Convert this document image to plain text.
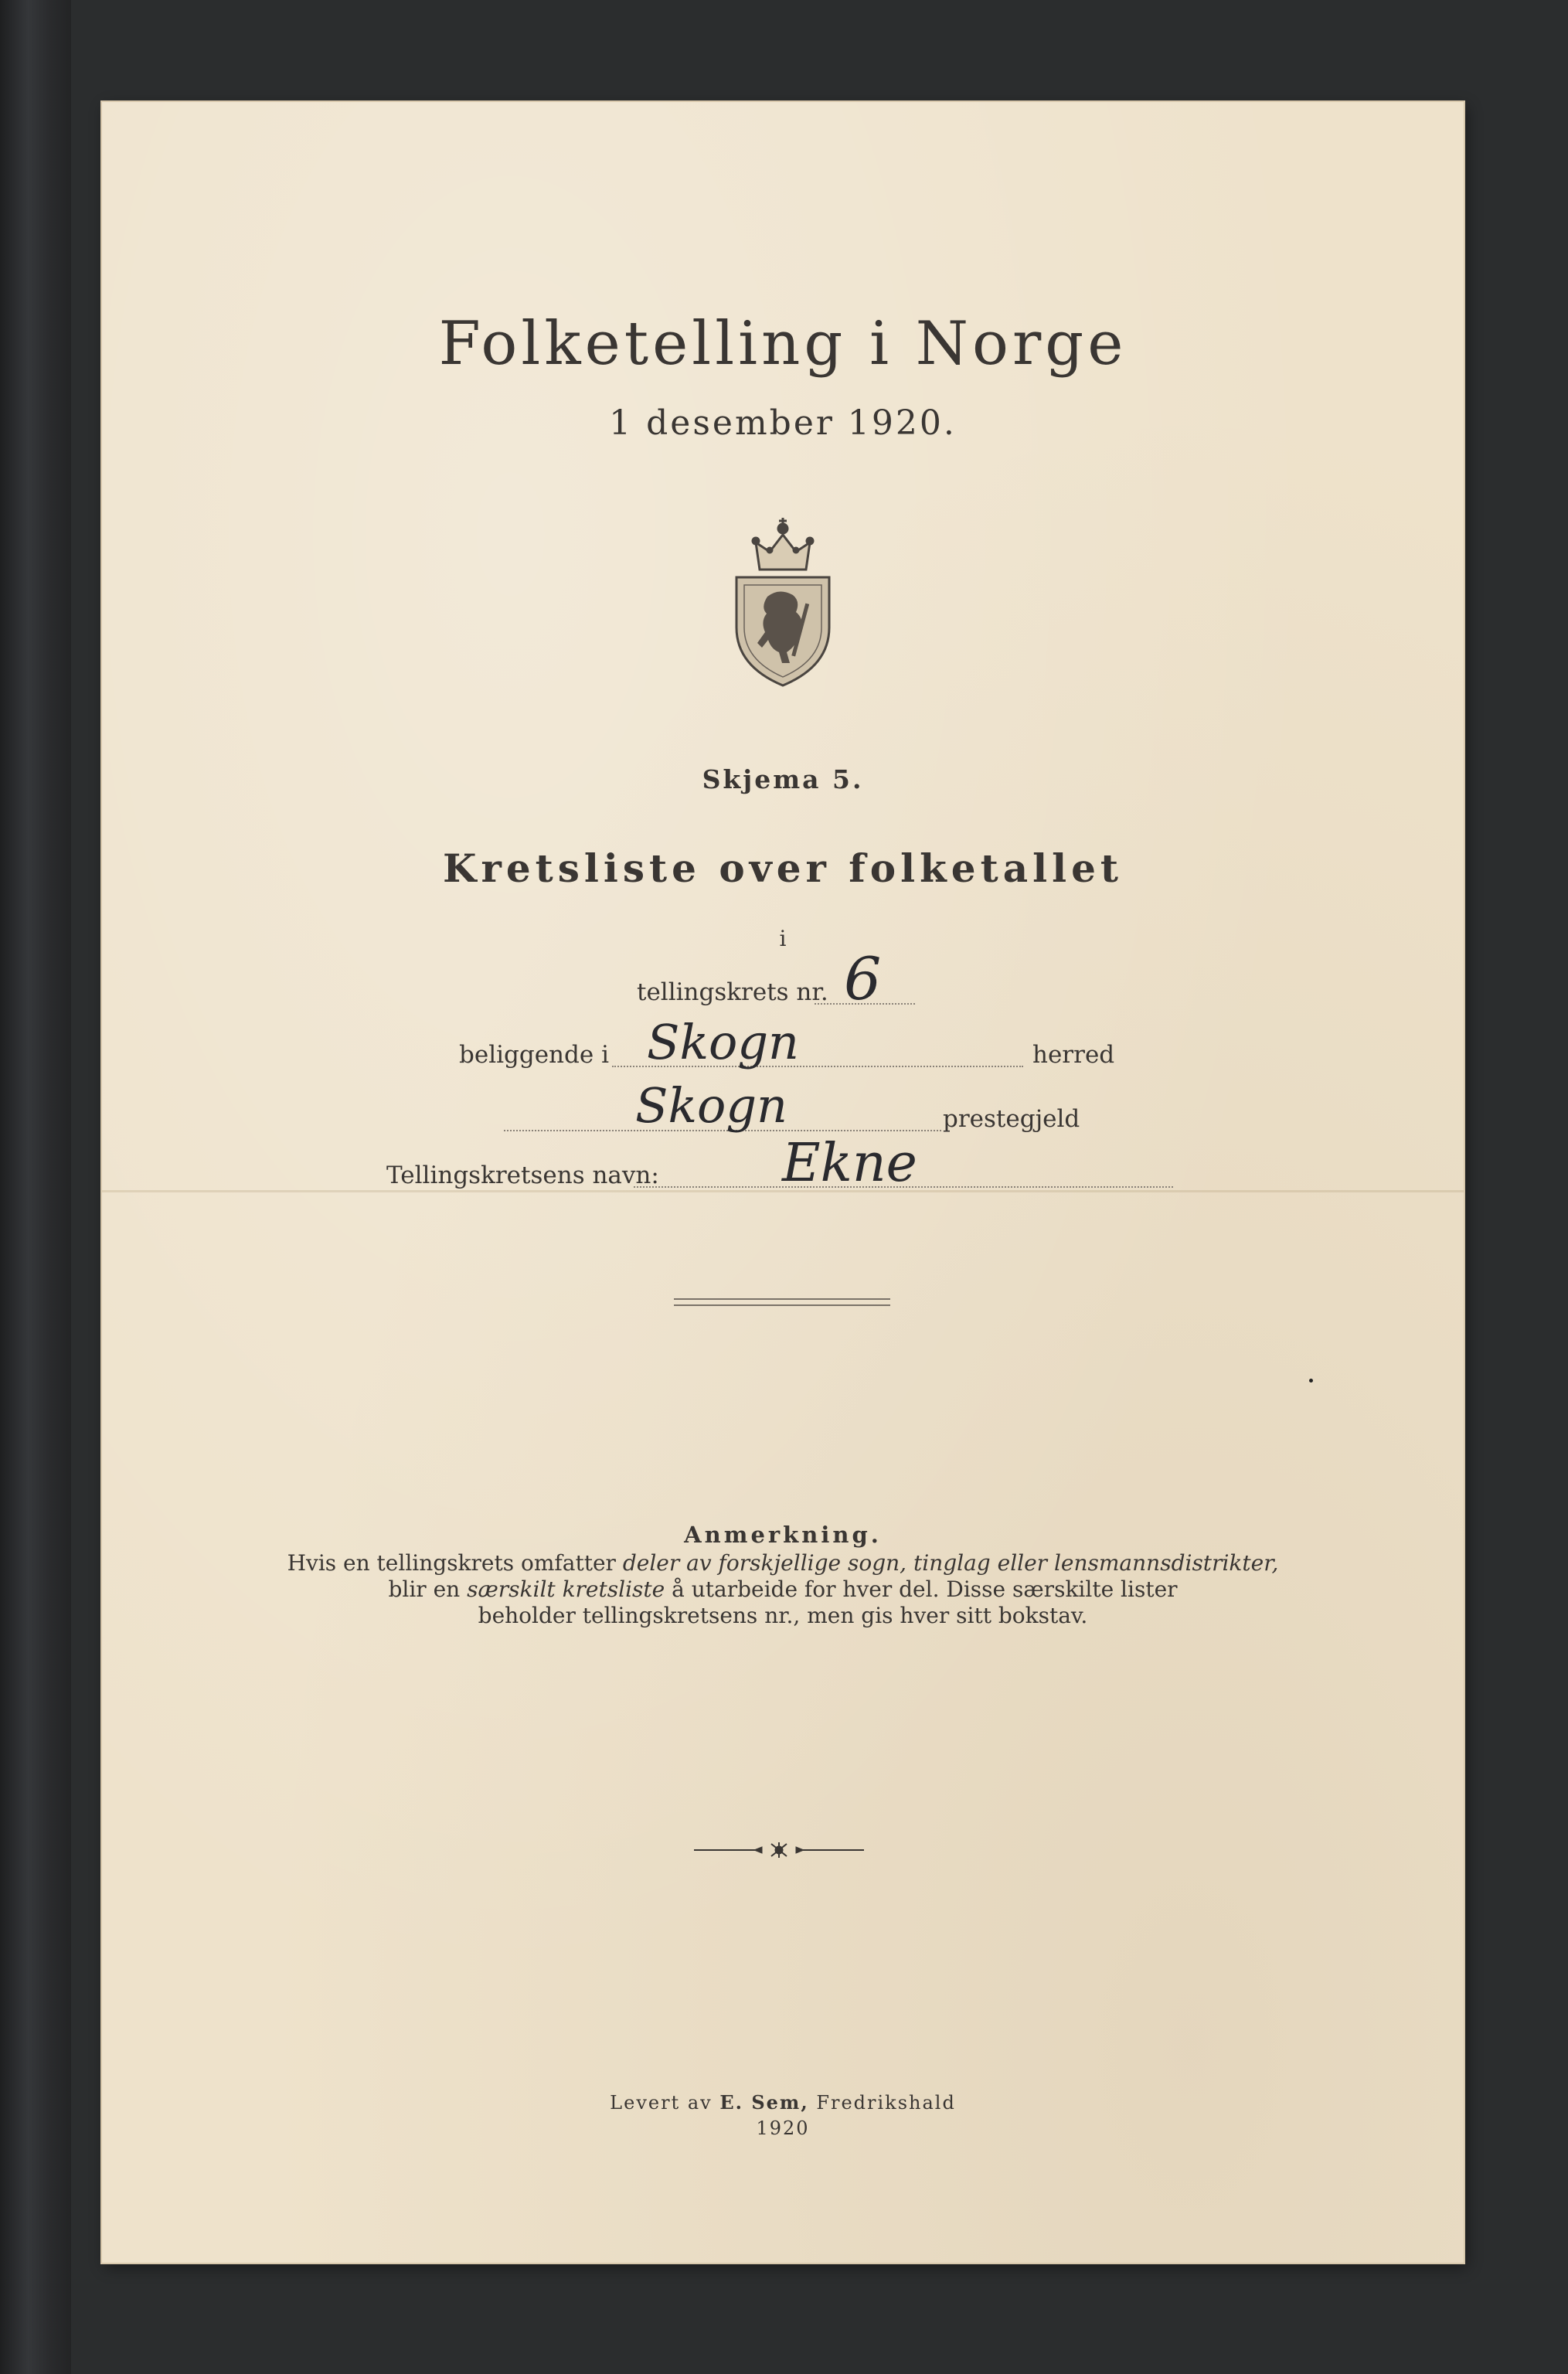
Folketelling i Norge
1 desember 1920.
Skjema 5.
Kretsliste over folketallet
i
tellingskrets nr. 6
beliggende i Skogn	herred
Skogn	prestegjeld
Tellingskretsens navn: Ekne
Anmerkning.
Hvis en tellingskrets omfatter deler av forskjellige sogn, tinglag eller lensmannsdistrikter,
blir en særskilt kretsliste å utarbeide for hver del. Disse særskilte lister
beholder tellingskretsens nr., men gis hver sitt bokstav.
Levert av E. Sem, Fredrikshald
1920
